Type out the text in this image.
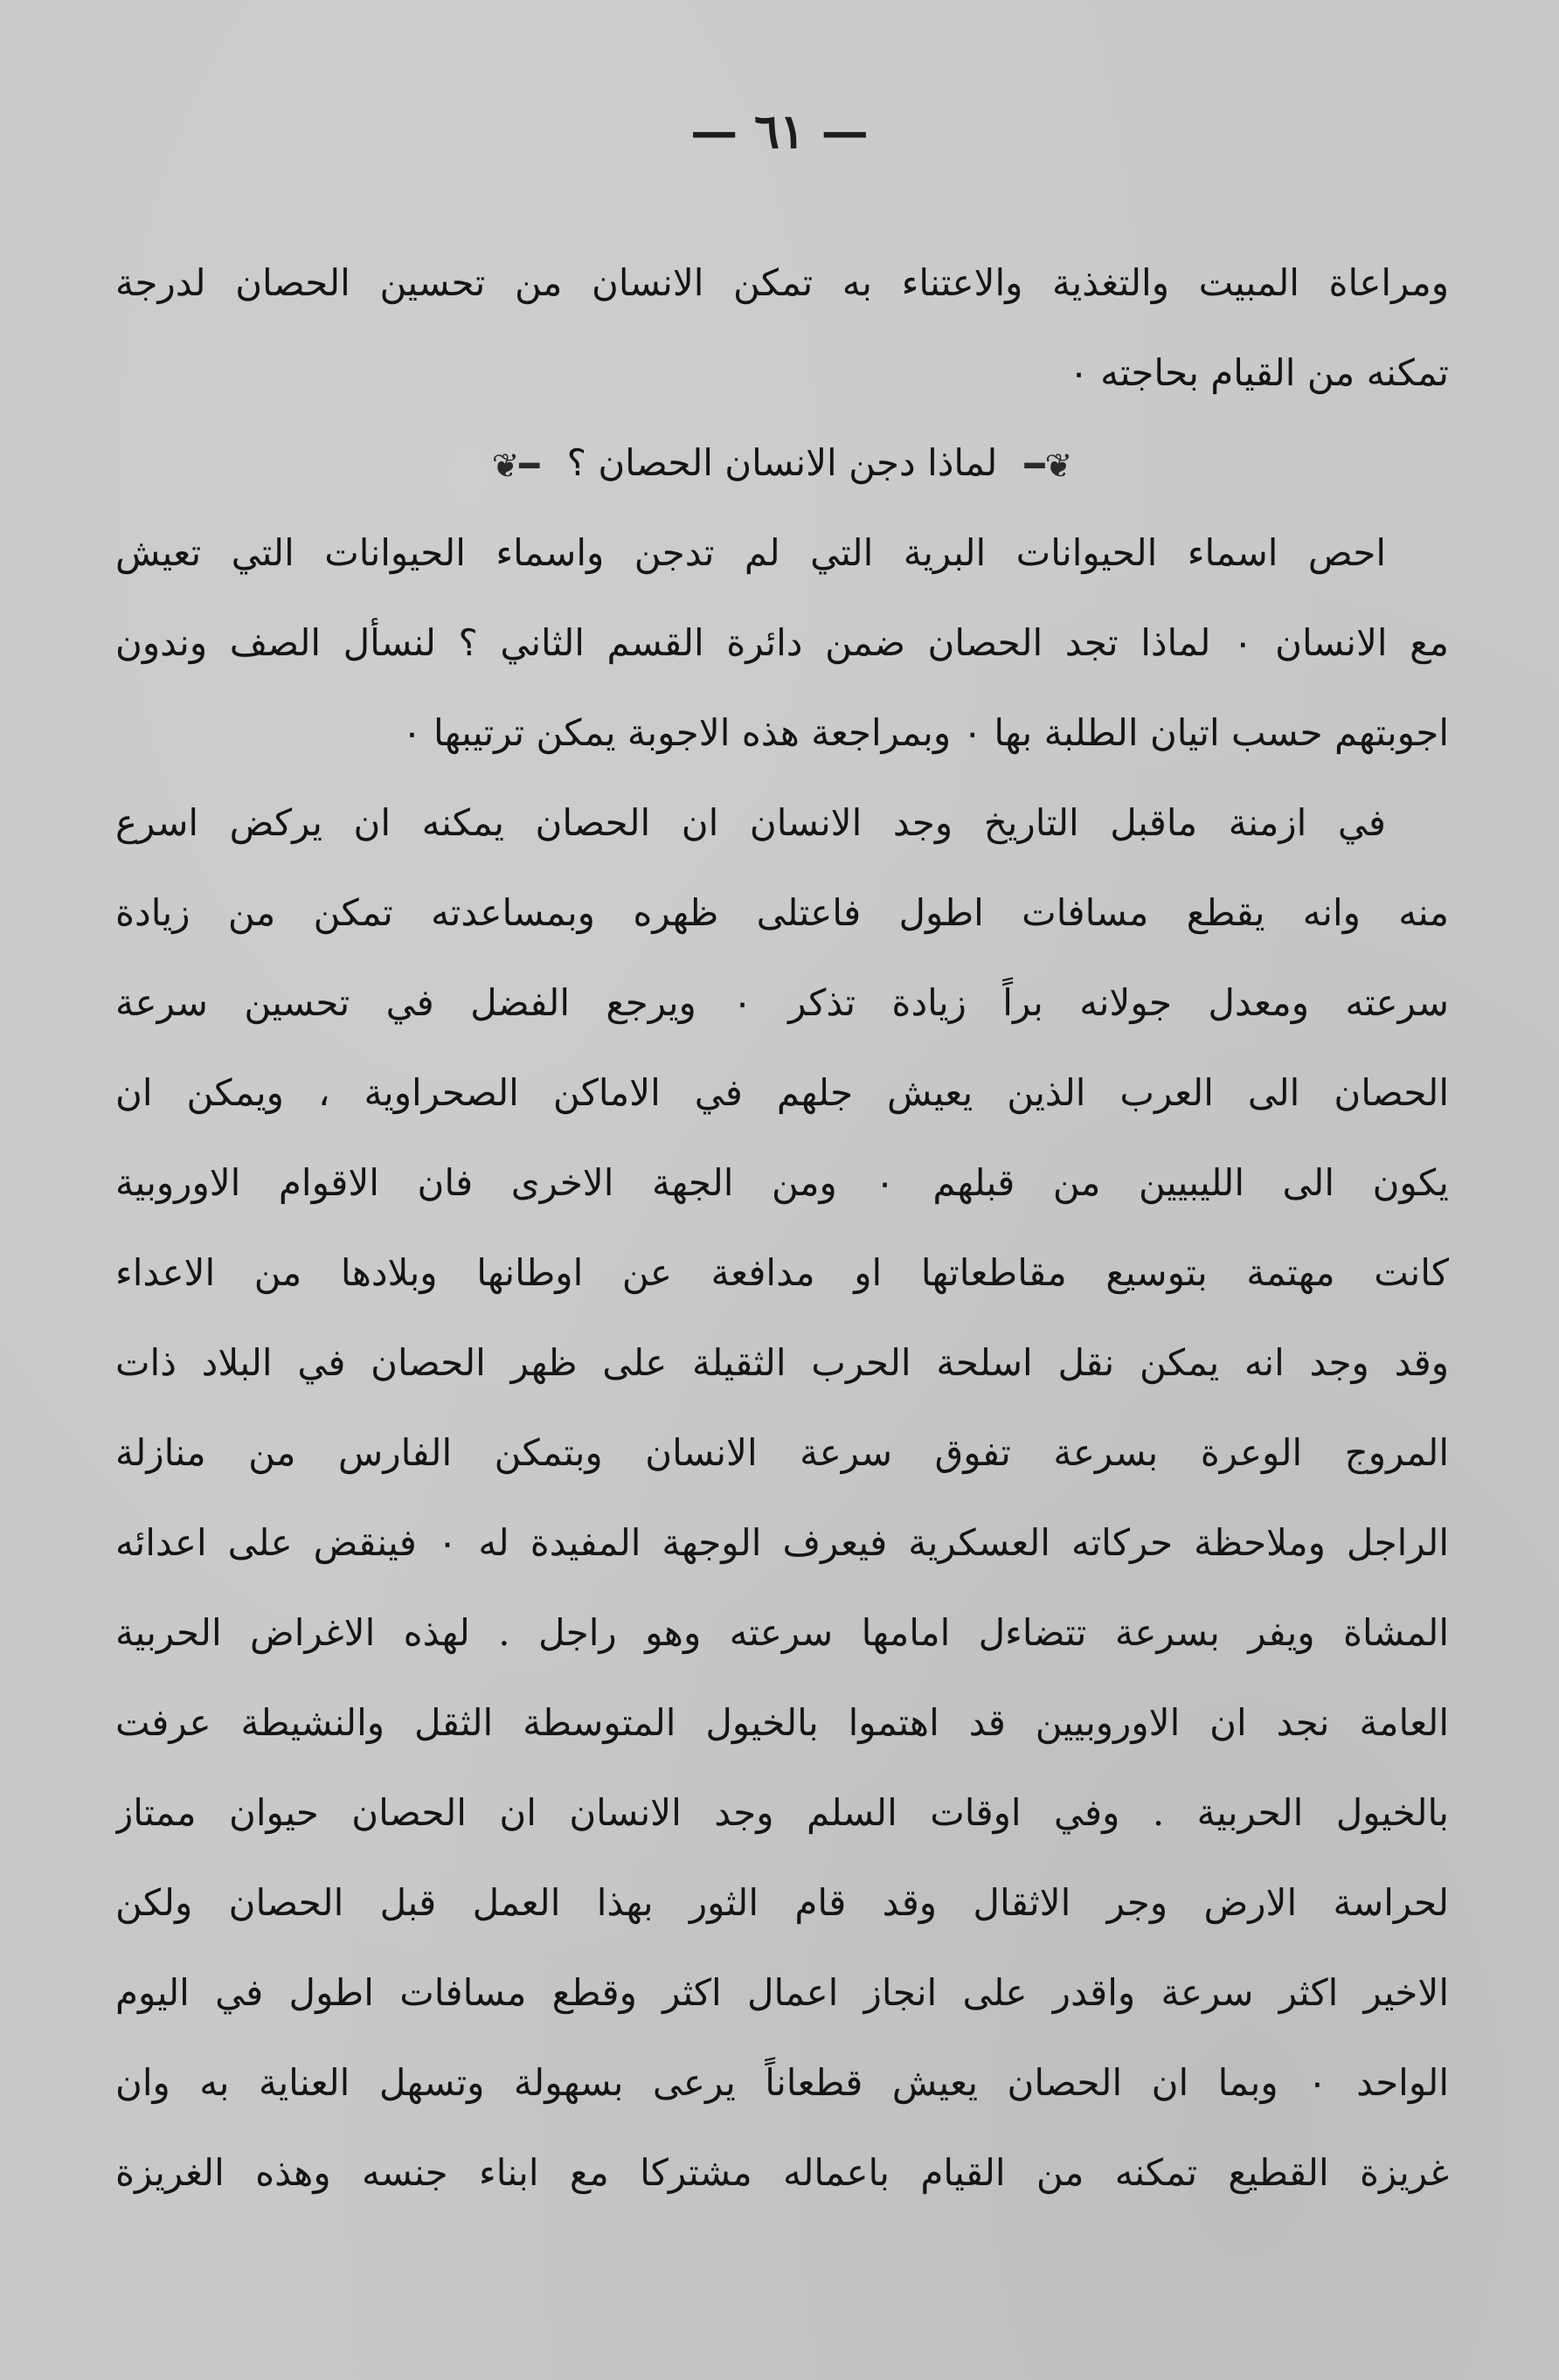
— ٦١ —
ومراعاة المبيت والتغذية والاعتناء به تمكن الانسان من تحسين الحصان لدرجة
تمكنه من القيام بحاجته ٠
❦━ لماذا دجن الانسان الحصان ؟ ━❦
احص اسماء الحيوانات البرية التي لم تدجن واسماء الحيوانات التي تعيش
مع الانسان ٠ لماذا تجد الحصان ضمن دائرة القسم الثاني ؟ لنسأل الصف وندون
اجوبتهم حسب اتيان الطلبة بها ٠ وبمراجعة هذه الاجوبة يمكن ترتيبها ٠
في ازمنة ماقبل التاريخ وجد الانسان ان الحصان يمكنه ان يركض اسرع
منه وانه يقطع مسافات اطول فاعتلى ظهره وبمساعدته تمكن من زيادة
سرعته ومعدل جولانه براً زيادة تذكر ٠ ويرجع الفضل في تحسين سرعة
الحصان الى العرب الذين يعيش جلهم في الاماكن الصحراوية ، ويمكن ان
يكون الى الليبيين من قبلهم ٠ ومن الجهة الاخرى فان الاقوام الاوروبية
كانت مهتمة بتوسيع مقاطعاتها او مدافعة عن اوطانها وبلادها من الاعداء
وقد وجد انه يمكن نقل اسلحة الحرب الثقيلة على ظهر الحصان في البلاد ذات
المروج الوعرة بسرعة تفوق سرعة الانسان وبتمكن الفارس من منازلة
الراجل وملاحظة حركاته العسكرية فيعرف الوجهة المفيدة له ٠ فينقض على اعدائه
المشاة ويفر بسرعة تتضاءل امامها سرعته وهو راجل . لهذه الاغراض الحربية
العامة نجد ان الاوروبيين قد اهتموا بالخيول المتوسطة الثقل والنشيطة عرفت
بالخيول الحربية . وفي اوقات السلم وجد الانسان ان الحصان حيوان ممتاز
لحراسة الارض وجر الاثقال وقد قام الثور بهذا العمل قبل الحصان ولكن
الاخير اكثر سرعة واقدر على انجاز اعمال اكثر وقطع مسافات اطول في اليوم
الواحد ٠ وبما ان الحصان يعيش قطعاناً يرعى بسهولة وتسهل العناية به وان
غريزة القطيع تمكنه من القيام باعماله مشتركا مع ابناء جنسه وهذه الغريزة
